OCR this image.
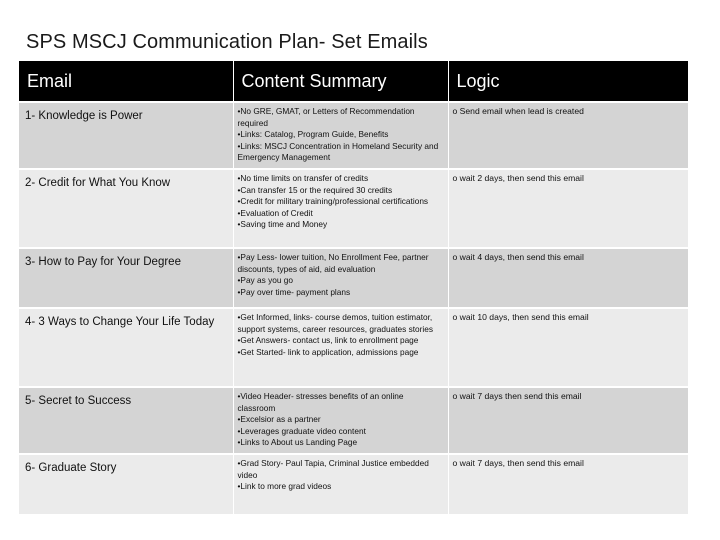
SPS MSCJ Communication Plan- Set Emails
Email	Content Summary	Logic
1- Knowledge is Power	•No GRE, GMAT, or Letters of Recommendation required
•Links: Catalog, Program Guide, Benefits
•Links: MSCJ Concentration in Homeland Security and Emergency Management	o Send email when lead is created
2- Credit for What You Know	•No time limits on transfer of credits
•Can transfer 15 or the required 30 credits
•Credit for military training/professional certifications
•Evaluation of Credit
•Saving time and Money	o wait 2 days, then send this email
3- How to Pay for Your Degree	•Pay Less- lower tuition, No Enrollment Fee, partner discounts, types of aid, aid evaluation
•Pay as you go
•Pay over time- payment plans	o wait 4 days, then send this email
4- 3 Ways to Change Your Life Today	•Get Informed, links- course demos, tuition estimator, support systems, career resources, graduates stories
•Get Answers- contact us, link to enrollment page
•Get Started- link to application, admissions page	o wait 10 days, then send this email
5- Secret to Success	•Video Header- stresses benefits of an online classroom
•Excelsior as a partner
•Leverages graduate video content
•Links to About us Landing Page	o wait 7 days then send this email
6- Graduate Story	•Grad Story- Paul Tapia, Criminal Justice embedded video
•Link to more grad videos	o wait 7 days, then send this email
